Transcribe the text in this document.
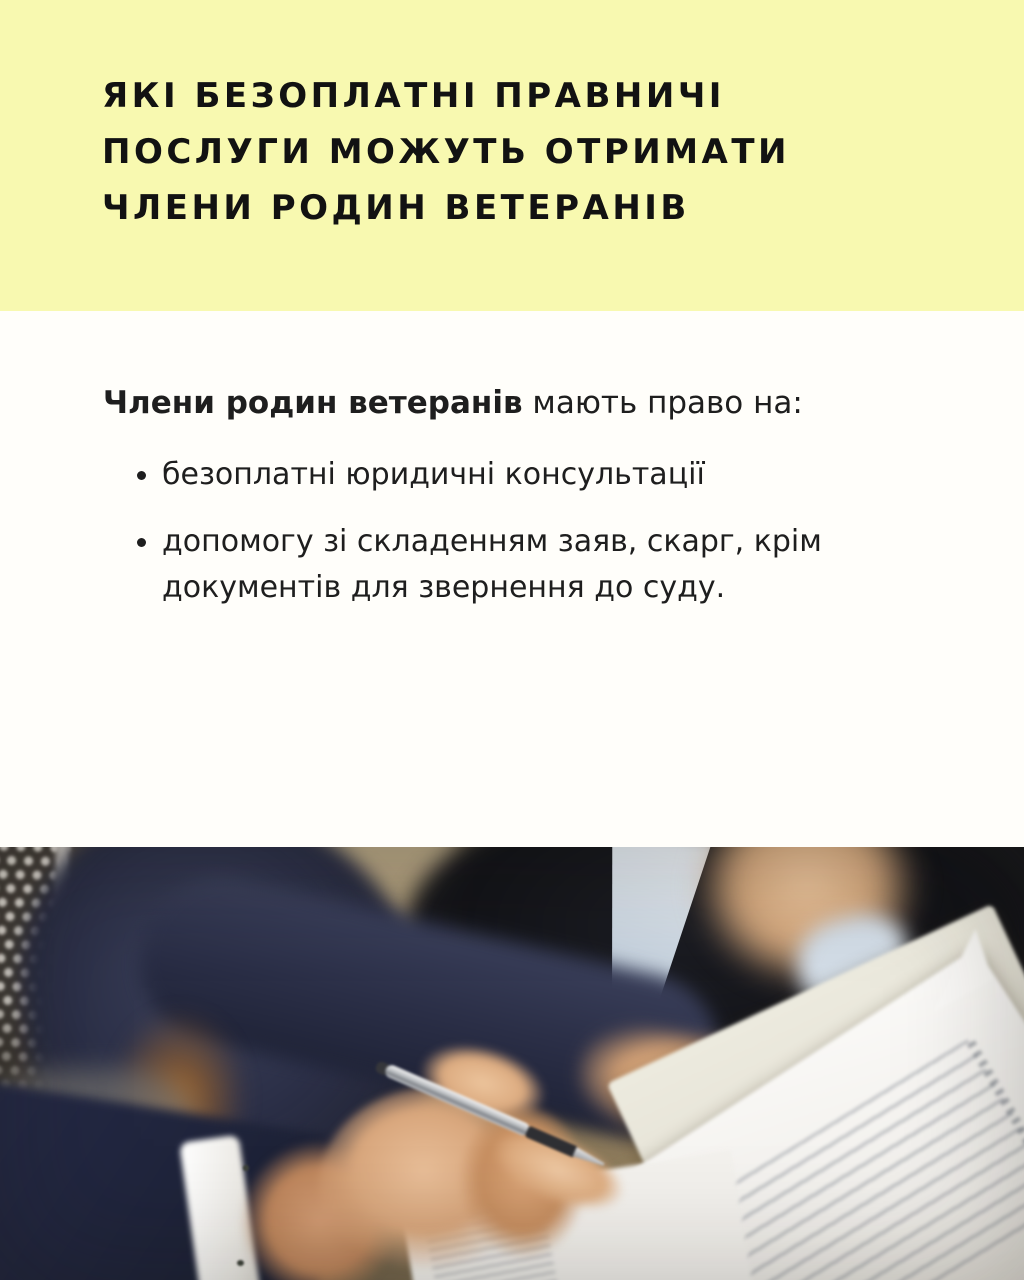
ЯКІ БЕЗОПЛАТНІ ПРАВНИЧІ
ПОСЛУГИ МОЖУТЬ ОТРИМАТИ
ЧЛЕНИ РОДИН ВЕТЕРАНІВ

Члени родин ветеранів мають право на:

безоплатні юридичні консультації
допомогу зі складенням заяв, скарг, крім документів для звернення до суду.
